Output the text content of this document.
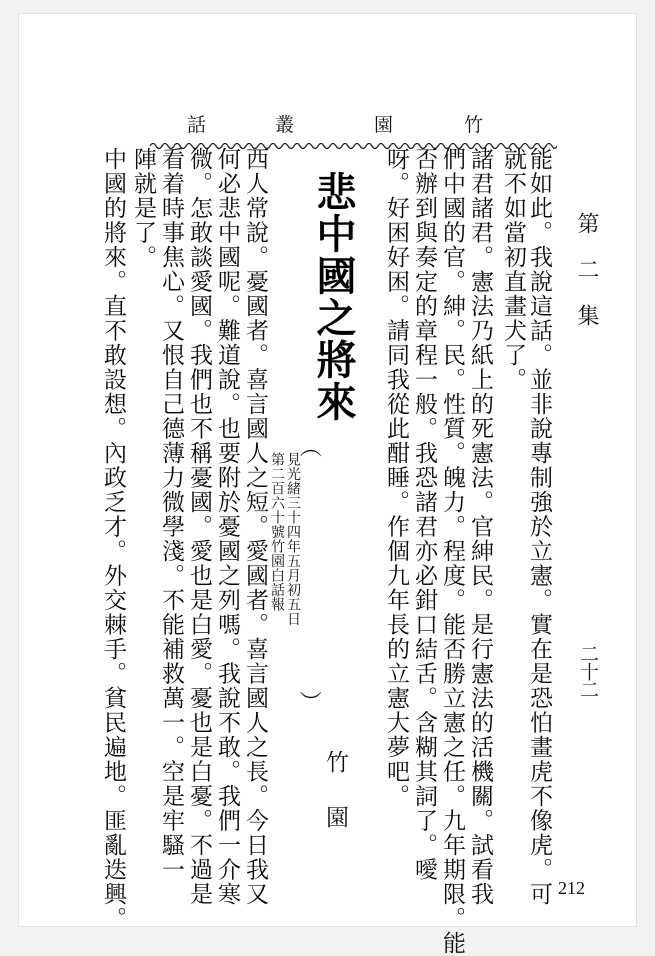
話	叢	園	竹
第二集
二十二
能如此。我說這話。並非說專制強於立憲。實在是恐怕畫虎不像虎。可
就不如當初直畫犬了。
諸君諸君。憲法乃紙上的死憲法。官紳民。是行憲法的活機關。試看我
們中國的官。紳。民。性質。魄力。程度。能否勝立憲之任。九年期限。能
否辦到與奏定的章程一般。我恐諸君亦必鉗口結舌。含糊其詞了。噯
呀。好困好困。請同我從此酣睡。作個九年長的立憲大夢吧。
悲中國之將來
（
見光緒三十四年五月初五日
第二百六十號竹園白話報
）
竹園
西人常說。憂國者。喜言國人之短。愛國者。喜言國人之長。今日我又
何必悲中國呢。難道說。也要附於憂國之列嗎。我說不敢。我們一介寒
微。怎敢談愛國。我們也不稱憂國。愛也是白愛。憂也是白憂。不過是
看着時事焦心。又恨自己德薄力微學淺。不能補救萬一。空是牢騷一
陣就是了。
中國的將來。直不敢設想。內政乏才。外交棘手。貧民遍地。匪亂迭興。	212
